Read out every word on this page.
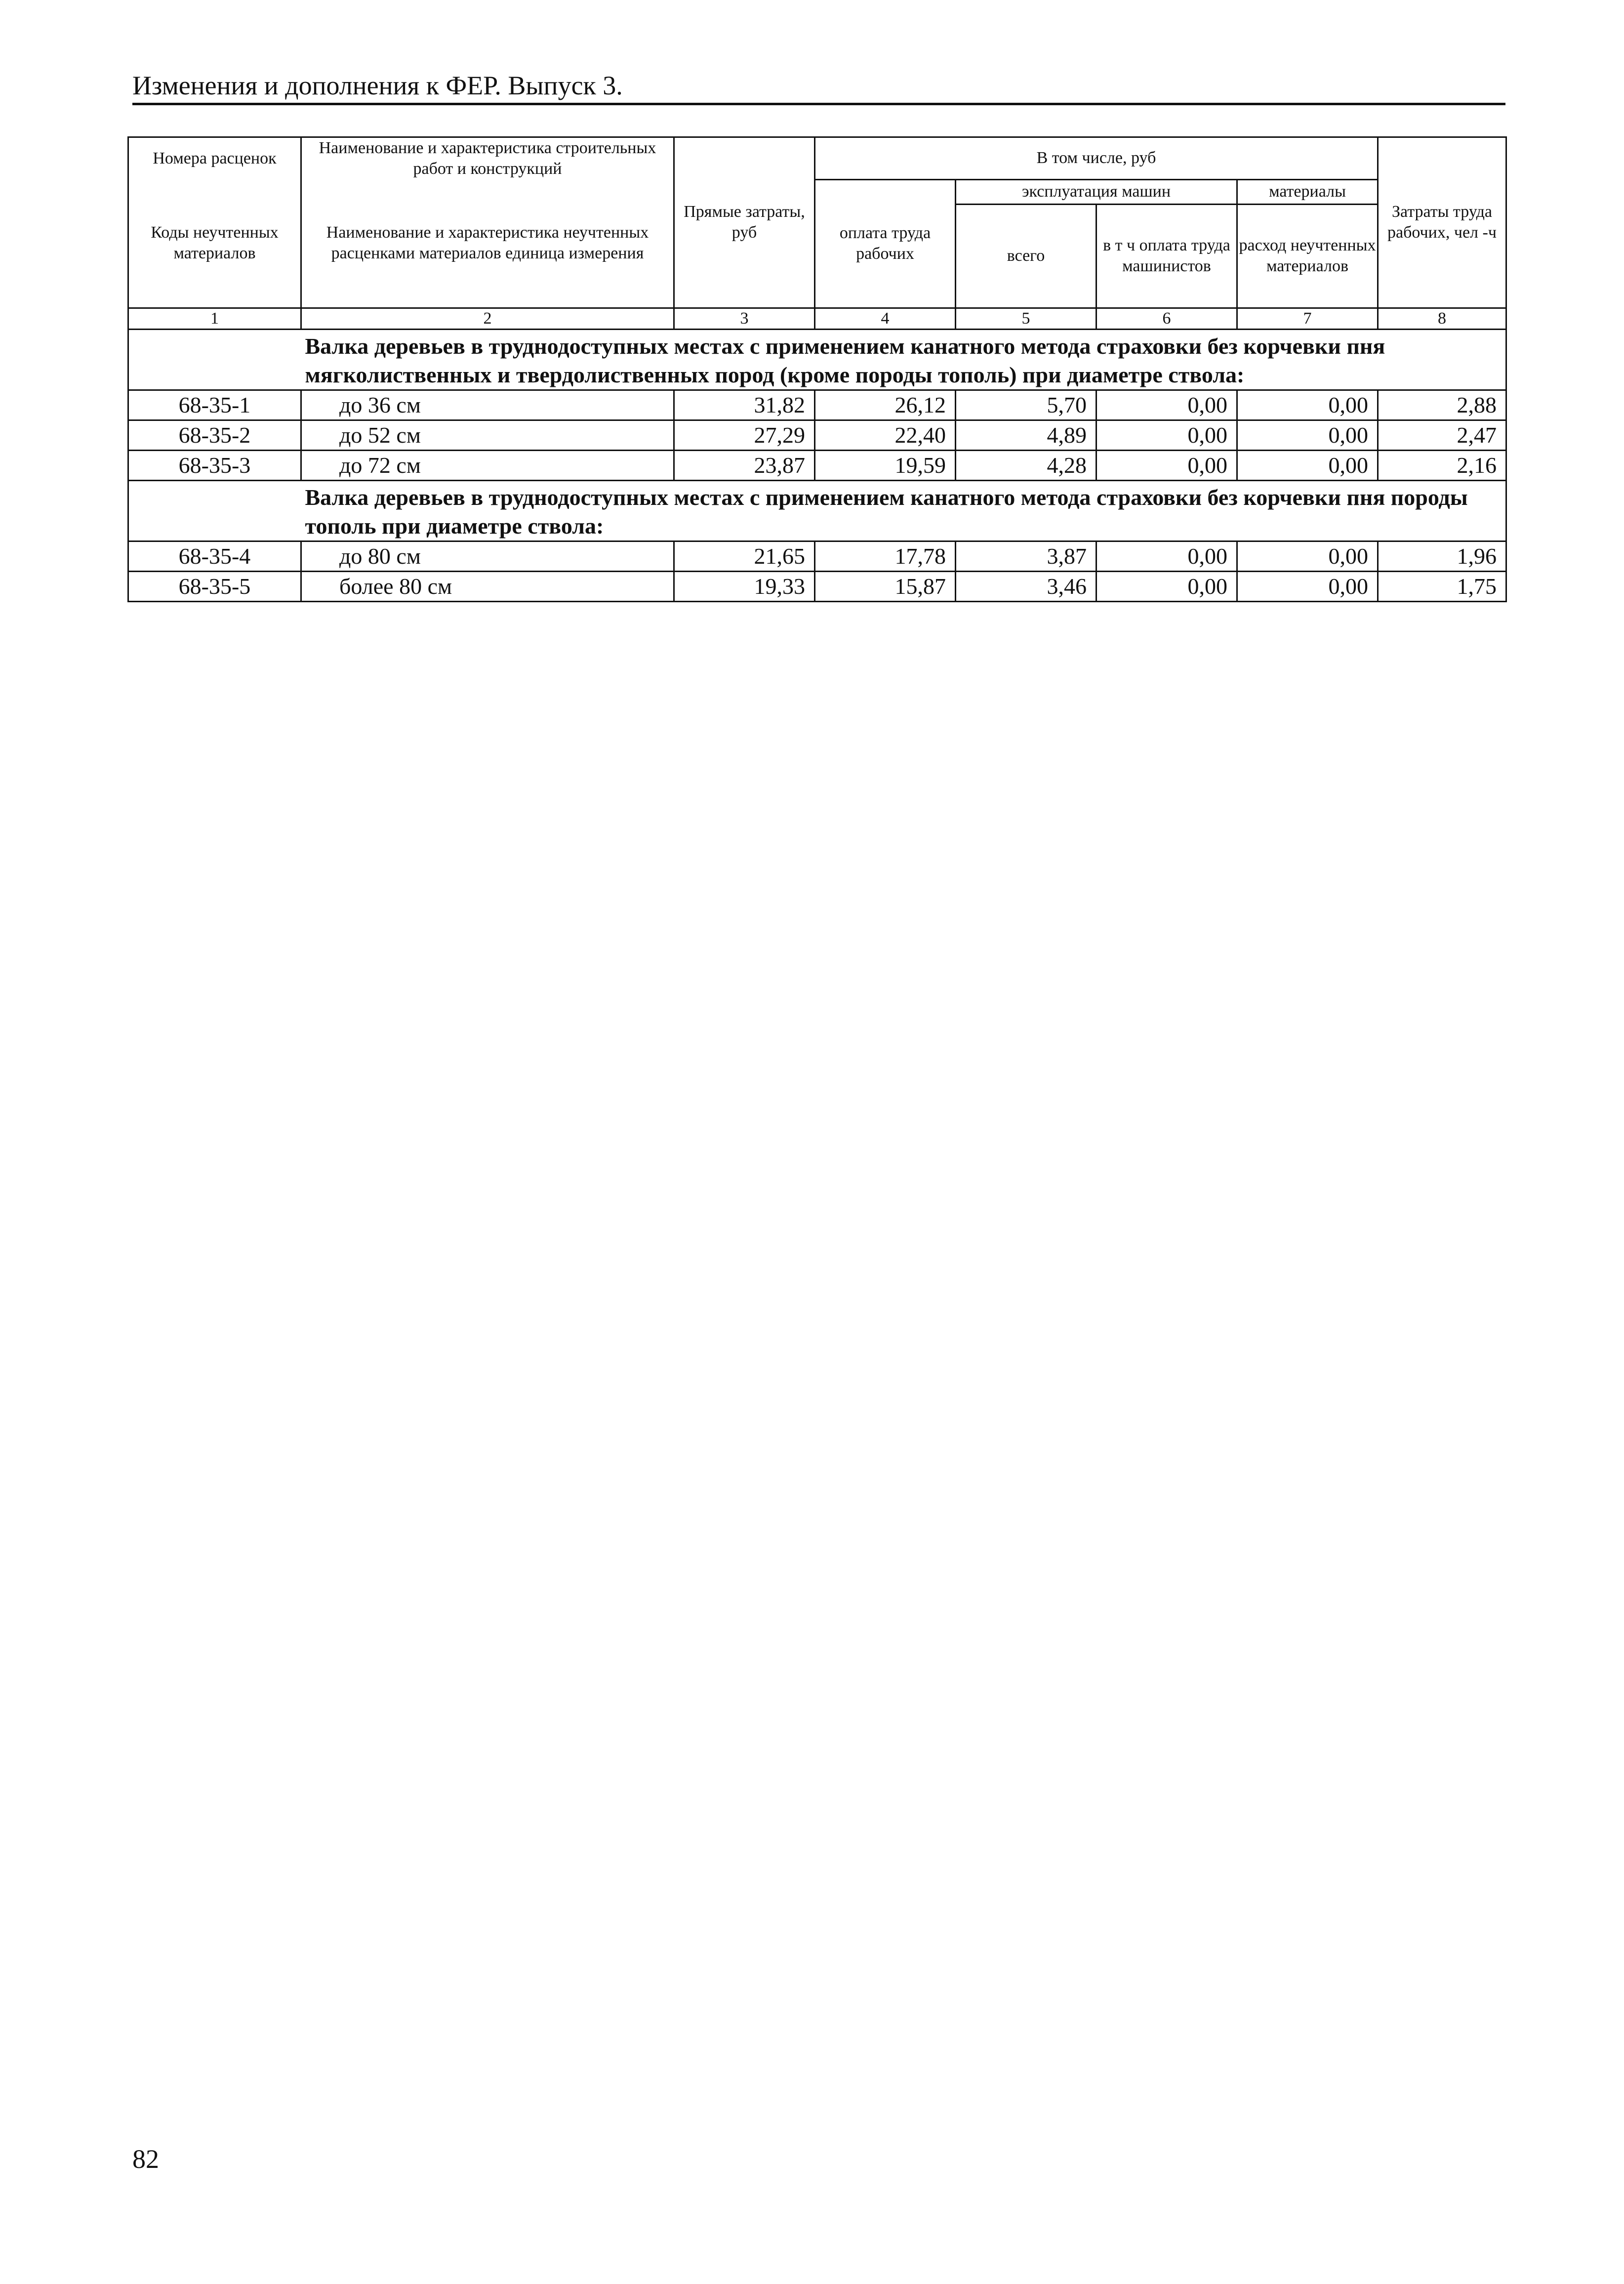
Изменения и дополнения к ФЕР. Выпуск 3.
Номера расценок	Наименование и характеристика строительных работ и конструкций	Прямые затраты, руб	В том числе, руб				Затраты труда рабочих, чел -ч
Коды неучтенных материалов	Наименование и характеристика неучтенных расценками материалов единица измерения		оплата труда рабочих	эксплуатация машин		материалы	
				всего	в т ч оплата труда машинистов	расход неучтенных материалов	
1	2	3	4	5	6	7	8
	Валка деревьев в труднодоступных местах с применением канатного метода страховки без корчевки пня мягколиственных и твердолиственных пород (кроме породы тополь) при диаметре ствола:						
68-35-1	до 36 см	31,82	26,12	5,70	0,00	0,00	2,88
68-35-2	до 52 см	27,29	22,40	4,89	0,00	0,00	2,47
68-35-3	до 72 см	23,87	19,59	4,28	0,00	0,00	2,16
	Валка деревьев в труднодоступных местах с применением канатного метода страховки без корчевки пня породы тополь при диаметре ствола:						
68-35-4	до 80 см	21,65	17,78	3,87	0,00	0,00	1,96
68-35-5	более 80 см	19,33	15,87	3,46	0,00	0,00	1,75
82
